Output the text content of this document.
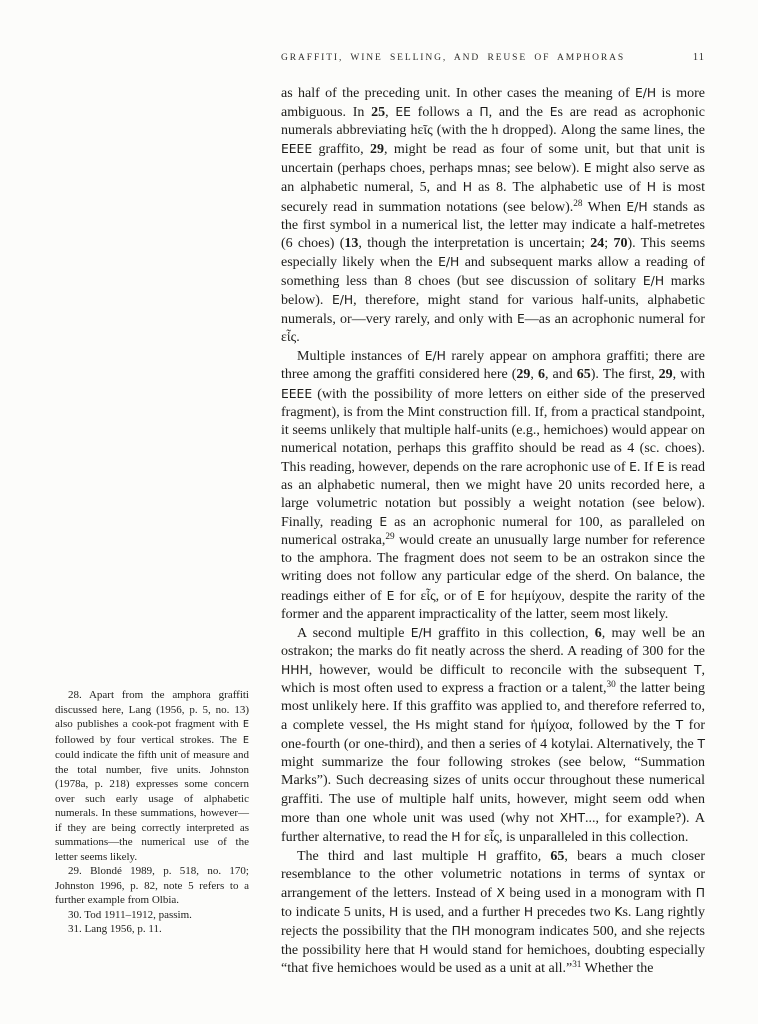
GRAFFITI, WINE SELLING, AND REUSE OF AMPHORAS	11

28. Apart from the amphora graffiti discussed here, Lang (1956, p. 5, no. 13) also publishes a cook-pot fragment with E followed by four vertical strokes. The E could indicate the fifth unit of measure and the total number, five units. Johnston (1978a, p. 218) expresses some concern over such early usage of alphabetic numerals. In these summations, however—if they are being correctly interpreted as summations—the numerical use of the letter seems likely.

29. Blondé 1989, p. 518, no. 170; Johnston 1996, p. 82, note 5 refers to a further example from Olbia.

30. Tod 1911–1912, passim.

31. Lang 1956, p. 11.

as half of the preceding unit. In other cases the meaning of E/H is more ambiguous. In 25, EE follows a Π, and the Es are read as acrophonic numerals abbreviating hεῖς (with the h dropped). Along the same lines, the EEEE graffito, 29, might be read as four of some unit, but that unit is uncertain (perhaps choes, perhaps mnas; see below). E might also serve as an alphabetic numeral, 5, and H as 8. The alphabetic use of H is most securely read in summation notations (see below).$^{28}$ When E/H stands as the first symbol in a numerical list, the letter may indicate a half-metretes (6 choes) (13, though the interpretation is uncertain; 24; 70). This seems especially likely when the E/H and subsequent marks allow a reading of something less than 8 choes (but see discussion of solitary E/H marks below). E/H, therefore, might stand for various half-units, alphabetic numerals, or—very rarely, and only with E—as an acrophonic numeral for εἷς.

Multiple instances of E/H rarely appear on amphora graffiti; there are three among the graffiti considered here (29, 6, and 65). The first, 29, with EEEE (with the possibility of more letters on either side of the preserved fragment), is from the Mint construction fill. If, from a practical standpoint, it seems unlikely that multiple half-units (e.g., hemichoes) would appear on numerical notation, perhaps this graffito should be read as 4 (sc. choes). This reading, however, depends on the rare acrophonic use of E. If E is read as an alphabetic numeral, then we might have 20 units recorded here, a large volumetric notation but possibly a weight notation (see below). Finally, reading E as an acrophonic numeral for 100, as paralleled on numerical ostraka,$^{29}$ would create an unusually large number for reference to the amphora. The fragment does not seem to be an ostrakon since the writing does not follow any particular edge of the sherd. On balance, the readings either of E for εἷς, or of E for hεμίχουν, despite the rarity of the former and the apparent impracticality of the latter, seem most likely.

A second multiple E/H graffito in this collection, 6, may well be an ostrakon; the marks do fit neatly across the sherd. A reading of 300 for the HHH, however, would be difficult to reconcile with the subsequent T, which is most often used to express a fraction or a talent,$^{30}$ the latter being most unlikely here. If this graffito was applied to, and therefore referred to, a complete vessel, the Hs might stand for ἡμίχοα, followed by the T for one-fourth (or one-third), and then a series of 4 kotylai. Alternatively, the T might summarize the four following strokes (see below, “Summation Marks”). Such decreasing sizes of units occur throughout these numerical graffiti. The use of multiple half units, however, might seem odd when more than one whole unit was used (why not XHT..., for example?). A further alternative, to read the H for εἷς, is unparalleled in this collection.

The third and last multiple H graffito, 65, bears a much closer resemblance to the other volumetric notations in terms of syntax or arrangement of the letters. Instead of X being used in a monogram with Π to indicate 5 units, H is used, and a further H precedes two Ks. Lang rightly rejects the possibility that the ΠH monogram indicates 500, and she rejects the possibility here that H would stand for hemichoes, doubting especially “that five hemichoes would be used as a unit at all.”$^{31}$ Whether the
